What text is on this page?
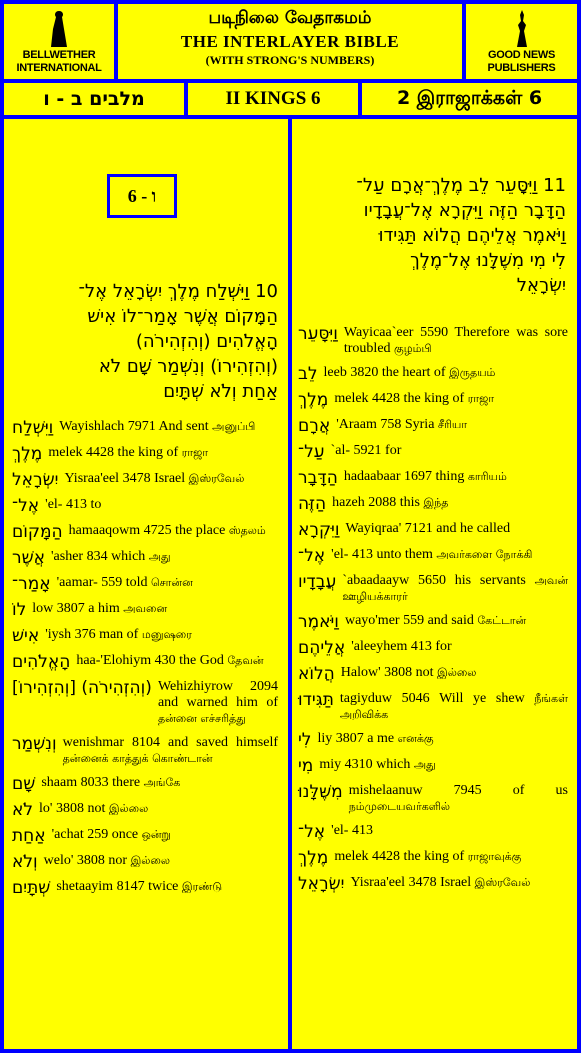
BELLWETHER
INTERNATIONAL
படிநிலை வேதாகமம்
THE INTERLAYER BIBLE
(WITH STRONG'S NUMBERS)	GOOD NEWS
PUBLISHERS
מלבים ב - ו	II KINGS 6	2 இராஜாக்கள் 6
ו - 6
10 וַיִּשְׁלַח מֶלֶךְ יִשְׂרָאֵל אֶל־
הַמָּקוֹם אֲשֶׁר אָמַר־לוֹ אִישׁ
הָאֱלֹהִים (וְהִזְהִירֹה)
(וְהִזְהִירוֹ) וְנִשְׁמַר שָׁם לֹא
אַחַת וְלֹא שְׁתָּיִם
וַיִּשְׁלַח Wayishlach 7971 And sent அனுப்பி
מֶלֶךְ melek 4428 the king of ராஜா
יִשְׂרָאֵל Yisraa'eel 3478 Israel இஸ்ரவேல்
אֶל־ 'el- 413 to
הַמָּקוֹם hamaaqowm 4725 the place ஸ்தலம்
אֲשֶׁר 'asher 834 which அது
אָמַר־ 'aamar- 559 told சொன்ன
לוֹ low 3807 a him அவனை
אִישׁ 'iysh 376 man of மனுஷரை
הָאֱלֹהִים haa-'Elohiym 430 the God தேவன்
(וְהִזְהִירֹה) [וְהִזְהִירוֹ] Wehizhiyrow 2094 and warned him of தன்னை எச்சரித்து
וְנִשְׁמַר wenishmar 8104 and saved himself தன்னைக் காத்துக் கொண்டான்
שָׁם shaam 8033 there அங்கே
לֹא lo' 3808 not இல்லை
אַחַת 'achat 259 once ஒன்று
וְלֹא welo' 3808 nor இல்லை
שְׁתָּיִם shetaayim 8147 twice இரண்டு
11 וַיִּסָּעֵר לֵב מֶלֶךְ־אֲרָם עַל־
הַדָּבָר הַזֶּה וַיִּקְרָא אֶל־עֲבָדָיו
וַיֹּאמֶר אֲלֵיהֶם הֲלוֹא תַּגִּידוּ
לִי מִי מִשֶּׁלָּנוּ אֶל־מֶלֶךְ
יִשְׂרָאֵל
וַיִּסָּעֵר Wayicaa`eer 5590 Therefore was sore troubled குழம்பி
לֵב leeb 3820 the heart of இருதயம்
מֶלֶךְ melek 4428 the king of ராஜா
אֲרָם 'Araam 758 Syria சீரியா
עַל־ `al- 5921 for
הַדָּבָר hadaabaar 1697 thing காரியம்
הַזֶּה hazeh 2088 this இந்த
וַיִּקְרָא Wayiqraa' 7121 and he called
אֶל־ 'el- 413 unto them அவர்களை நோக்கி
עֲבָדָיו `abaadaayw 5650 his servants அவன் ஊழியக்காரர்
וַיֹּאמֶר wayo'mer 559 and said கேட்டான்
אֲלֵיהֶם 'aleeyhem 413 for
הֲלוֹא Halow' 3808 not இல்லை
תַּגִּידוּ tagiyduw 5046 Will ye shew நீங்கள் அறிவிக்க
לִי liy 3807 a me எனக்கு
מִי miy 4310 which அது
מִשֶּׁלָּנוּ mishelaanuw 7945 of us நம்முடையவர்களில்
אֶל־ 'el- 413
מֶלֶךְ melek 4428 the king of ராஜாவுக்கு
יִשְׂרָאֵל Yisraa'eel 3478 Israel இஸ்ரவேல்
